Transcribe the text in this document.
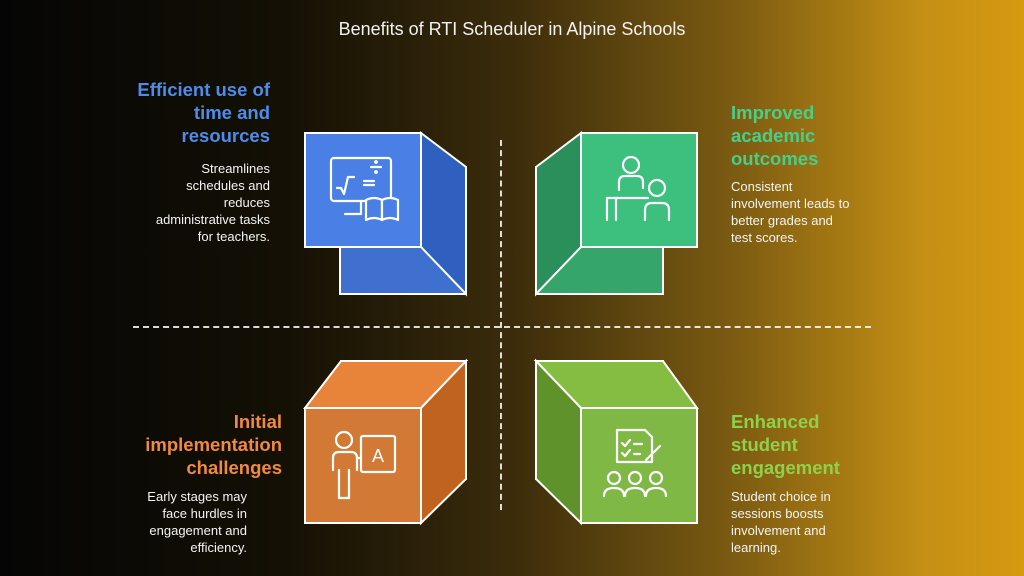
Benefits of RTI Scheduler in Alpine Schools
A
Efficient use of
time and
resources
Streamlines
schedules and
reduces
administrative tasks
for teachers.
Improved
academic
outcomes
Consistent
involvement leads to
better grades and
test scores.
Initial
implementation
challenges
Early stages may
face hurdles in
engagement and
efficiency.
Enhanced
student
engagement
Student choice in
sessions boosts
involvement and
learning.
